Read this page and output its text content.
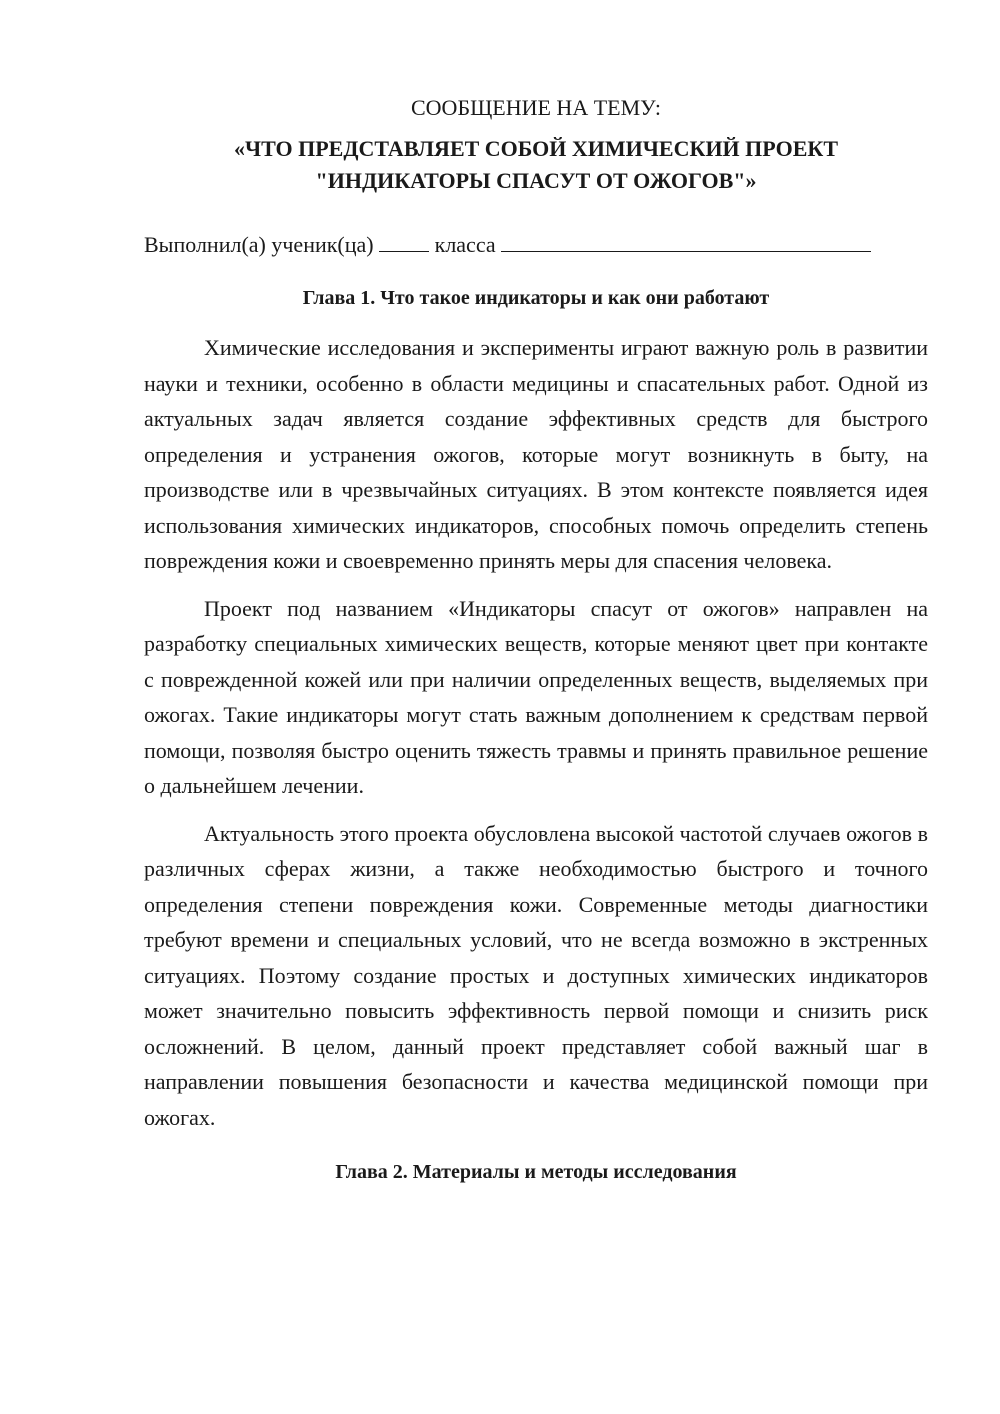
СООБЩЕНИЕ НА ТЕМУ:

«ЧТО ПРЕДСТАВЛЯЕТ СОБОЙ ХИМИЧЕСКИЙ ПРОЕКТ

"ИНДИКАТОРЫ СПАСУТ ОТ ОЖОГОВ"»

Выполнил(а) ученик(ца)	класса

Глава 1. Что такое индикаторы и как они работают

Химические исследования и эксперименты играют важную роль в развитии науки и техники, особенно в области медицины и спасательных работ. Одной из актуальных задач является создание эффективных средств для быстрого определения и устранения ожогов, которые могут возникнуть в быту, на производстве или в чрезвычайных ситуациях. В этом контексте появляется идея использования химических индикаторов, способных помочь определить степень повреждения кожи и своевременно принять меры для спасения человека.

Проект под названием «Индикаторы спасут от ожогов» направлен на разработку специальных химических веществ, которые меняют цвет при контакте с поврежденной кожей или при наличии определенных веществ, выделяемых при ожогах. Такие индикаторы могут стать важным дополнением к средствам первой помощи, позволяя быстро оценить тяжесть травмы и принять правильное решение о дальнейшем лечении.

Актуальность этого проекта обусловлена высокой частотой случаев ожогов в различных сферах жизни, а также необходимостью быстрого и точного определения степени повреждения кожи. Современные методы диагностики требуют времени и специальных условий, что не всегда возможно в экстренных ситуациях. Поэтому создание простых и доступных химических индикаторов может значительно повысить эффективность первой помощи и снизить риск осложнений. В целом, данный проект представляет собой важный шаг в направлении повышения безопасности и качества медицинской помощи при ожогах.

Глава 2. Материалы и методы исследования
